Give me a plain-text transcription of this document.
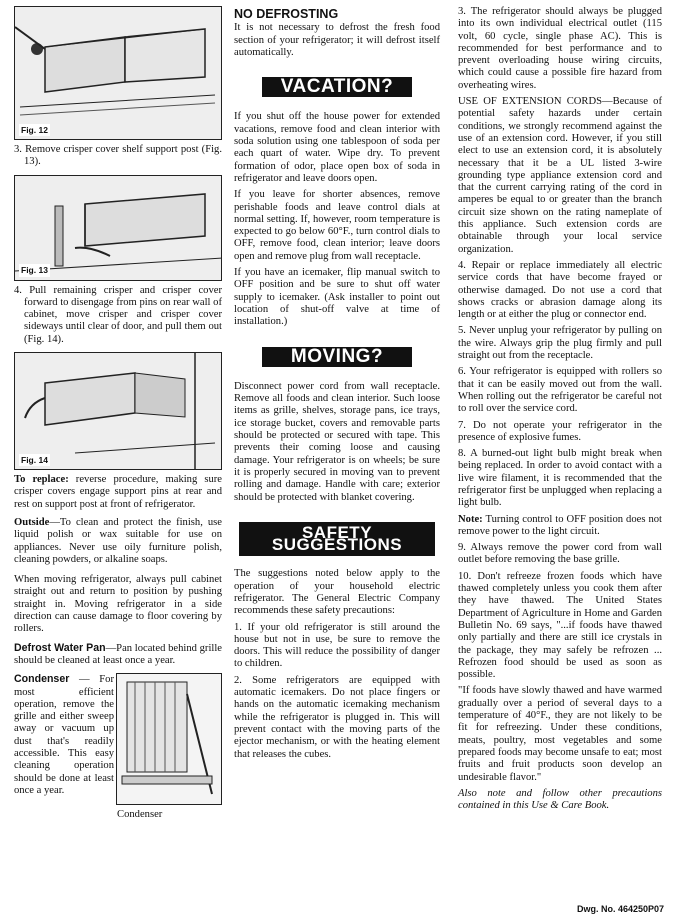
Fig. 12

3. Remove crisper cover shelf support post (Fig. 13).

Fig. 13

4. Pull remaining crisper and crisper cover forward to disengage from pins on rear wall of cabinet, move crisper and crisper cover sideways until clear of door, and pull them out (Fig. 14).

Fig. 14

To replace: reverse procedure, making sure crisper covers engage support pins at rear and rest on support post at front of refrigerator.

Outside—To clean and protect the finish, use liquid polish or wax suitable for use on appliances. Never use oily furniture polish, cleaning powders, or alkaline soaps.

When moving refrigerator, always pull cabinet straight out and return to position by pushing straight in. Moving refrigerator in a side direction can cause damage to floor covering by rollers.

Defrost Water Pan—Pan located behind grille should be cleaned at least once a year.

Condenser

Condenser — For most efficient operation, remove the grille and either sweep away or vacuum up dust that's readily accessible. This easy cleaning operation should be done at least once a year.

NO DEFROSTING

It is not necessary to defrost the fresh food section of your refrigerator; it will defrost itself automatically.

VACATION?

If you shut off the house power for extended vacations, remove food and clean interior with soda solution using one tablespoon of soda per each quart of water. Wipe dry. To prevent formation of odor, place open box of soda in refrigerator and leave doors open.

If you leave for shorter absences, remove perishable foods and leave control dials at normal setting. If, however, room temperature is expected to go below 60°F., turn control dials to OFF, remove food, clean interior; leave doors open and remove plug from wall receptacle.

If you have an icemaker, flip manual switch to OFF position and be sure to shut off water supply to icemaker. (Ask installer to point out location of shut-off valve at time of installation.)

MOVING?

Disconnect power cord from wall receptacle. Remove all foods and clean interior. Such loose items as grille, shelves, storage pans, ice trays, ice storage bucket, covers and removable parts should be protected or secured with tape. This prevents their coming loose and causing damage. Your refrigerator is on wheels; be sure it is properly secured in moving van to prevent rolling and damage. Handle with care; exterior should be protected with blanket covering.

SAFETY SUGGESTIONS

The suggestions noted below apply to the operation of your household electric refrigerator. The General Electric Company recommends these safety precautions:

1. If your old refrigerator is still around the house but not in use, be sure to remove the doors. This will reduce the possibility of danger to children.

2. Some refrigerators are equipped with automatic icemakers. Do not place fingers or hands on the automatic icemaking mechanism while the refrigerator is plugged in. This will prevent contact with the moving parts of the ejector mechanism, or with the heating element that releases the cubes.

3. The refrigerator should always be plugged into its own individual electrical outlet (115 volt, 60 cycle, single phase AC). This is recommended for best performance and to prevent overloading house wiring circuits, which could cause a possible fire hazard from overheating wires.

USE OF EXTENSION CORDS—Because of potential safety hazards under certain conditions, we strongly recommend against the use of an extension cord. However, if you still elect to use an extension cord, it is absolutely necessary that it be a UL listed 3-wire grounding type appliance extension cord and that the current carrying rating of the cord in amperes be equal to or greater than the branch circuit size shown on the rating nameplate of this appliance. Such extension cords are obtainable through your local service organization.

4. Repair or replace immediately all electric service cords that have become frayed or otherwise damaged. Do not use a cord that shows cracks or abrasion damage along its length or at either the plug or connector end.

5. Never unplug your refrigerator by pulling on the wire. Always grip the plug firmly and pull straight out from the receptacle.

6. Your refrigerator is equipped with rollers so that it can be easily moved out from the wall. When rolling out the refrigerator be careful not to roll over the service cord.

7. Do not operate your refrigerator in the presence of explosive fumes.

8. A burned-out light bulb might break when being replaced. In order to avoid contact with a live wire filament, it is recommended that the refrigerator first be unplugged when replacing a light bulb.

Note: Turning control to OFF position does not remove power to the light circuit.

9. Always remove the power cord from wall outlet before removing the base grille.

10. Don't refreeze frozen foods which have thawed completely unless you cook them after they have thawed. The United States Department of Agriculture in Home and Garden Bulletin No. 69 says, "...if foods have thawed only partially and there are still ice crystals in the package, they may safely be refrozen ... Refrozen food should be used as soon as possible.

"If foods have slowly thawed and have warmed gradually over a period of several days to a temperature of 40°F., they are not likely to be fit for refreezing. Under these conditions, meats, poultry, most vegetables and some prepared foods may become unsafe to eat; most fruits and fruit products soon develop an undesirable flavor."

Also note and follow other precautions contained in this Use & Care Book.

Dwg. No. 464250P07
